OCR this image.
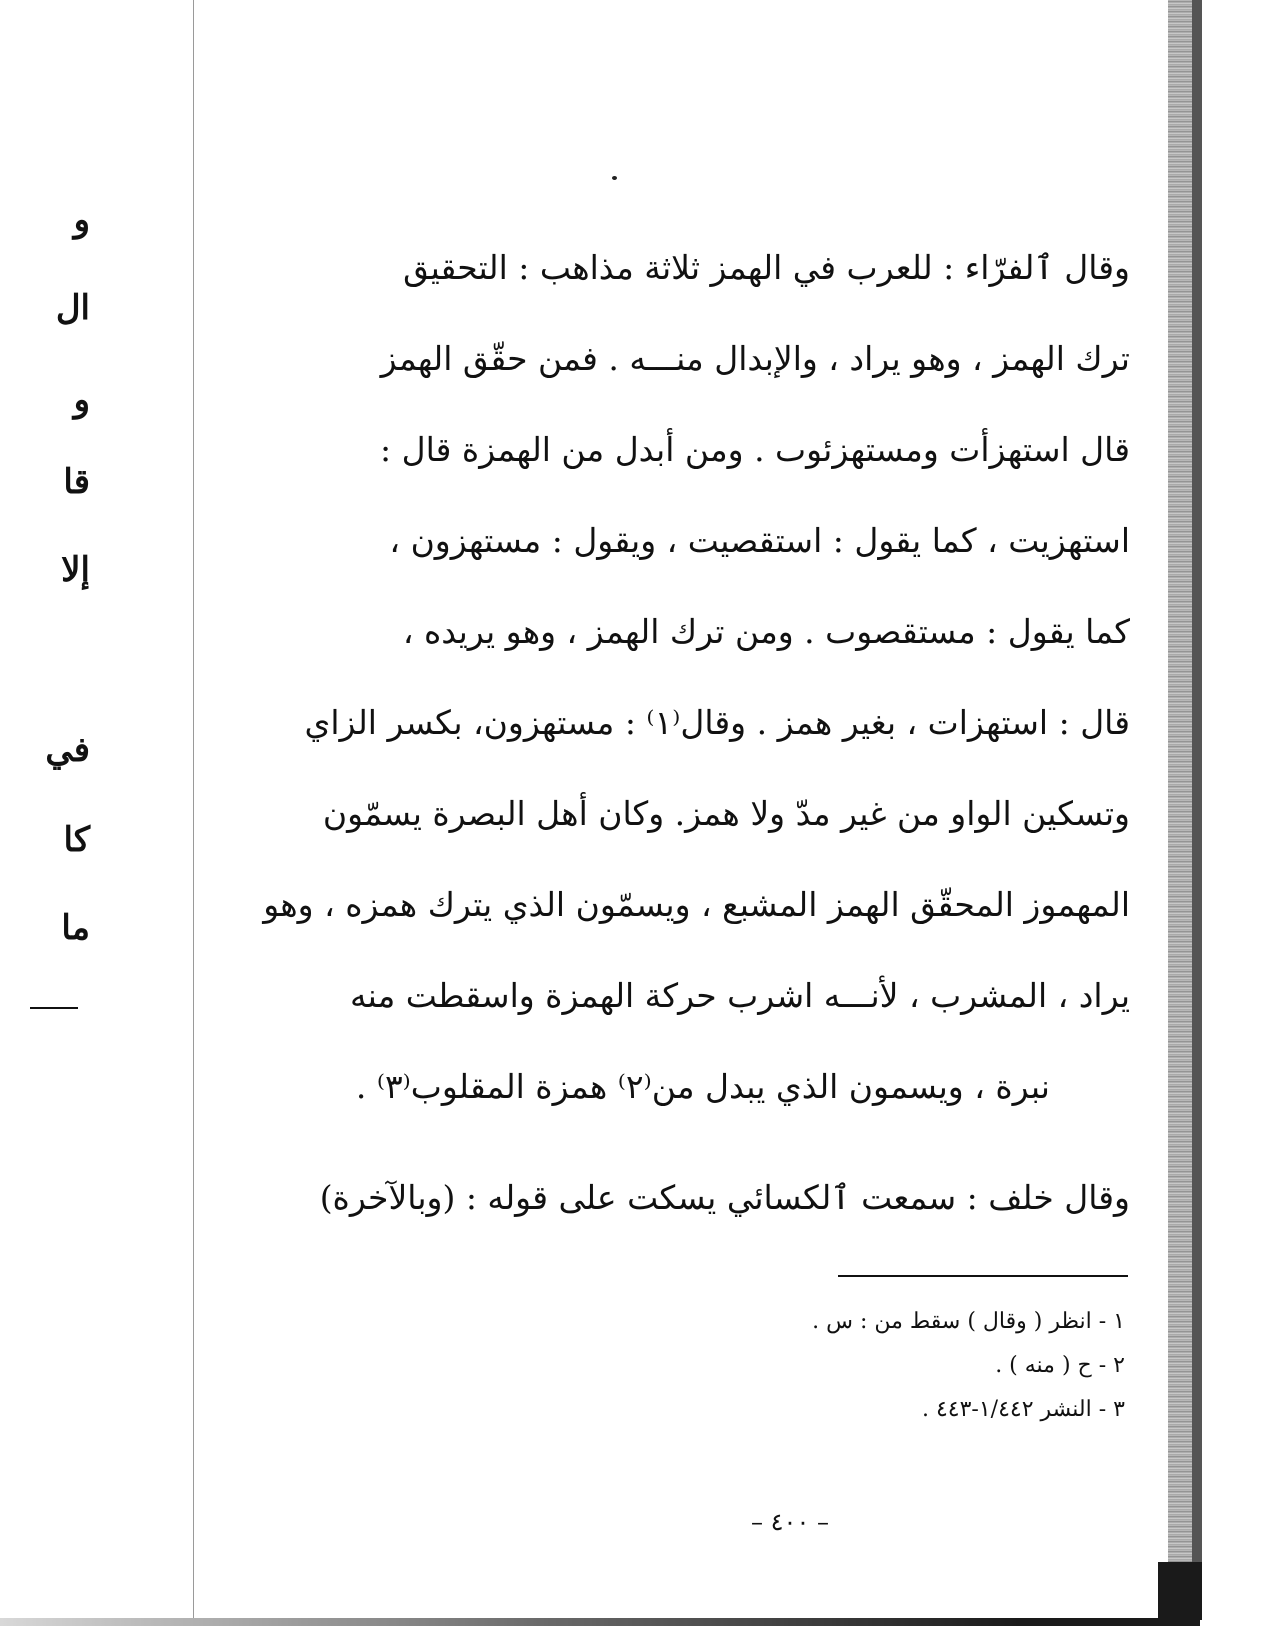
و
ال
و
قا
إلا
في
كا
ما
وقال ٱلفرّاء : للعرب في الهمز ثلاثة مذاهب : التحقيق
ترك الهمز ، وهو يراد ، والإبدال منـــه . فمن حقّق الهمز
قال استهزأت ومستهزئوٮ . ومن أبدل من الهمزة قال :
استهزيت ، كما يقول : استقصيت ، ويقول : مستهزون ،
كما يقول : مستقصوٮ . ومن ترك الهمز ، وهو يريده ،
قال : استهزات ، بغير همز . وقال⁽١⁾ : مستهزون، بكسر الزاي
وتسكين الواو من غير مدّ ولا همز. وكان أهل البصرة يسمّون
المهموز المحقّق الهمز المشبع ، ويسمّون الذي يترك همزه ، وهو
يراد ، المشرب ، لأنـــه اشرب حركة الهمزة واسقطت منه
نبرة ، ويسمون الذي يبدل من⁽٢⁾ همزة المقلوب⁽٣⁾ .
وقال خلف : سمعت ٱلكسائي يسكت على قوله : (وبالآخرة)
١ - انظر ( وقال ) سقط من : س .
٢ - ح ( منه ) .
٣ - النشر ١/٤٤٢-٤٤٣ .
– ٤٠٠ –
